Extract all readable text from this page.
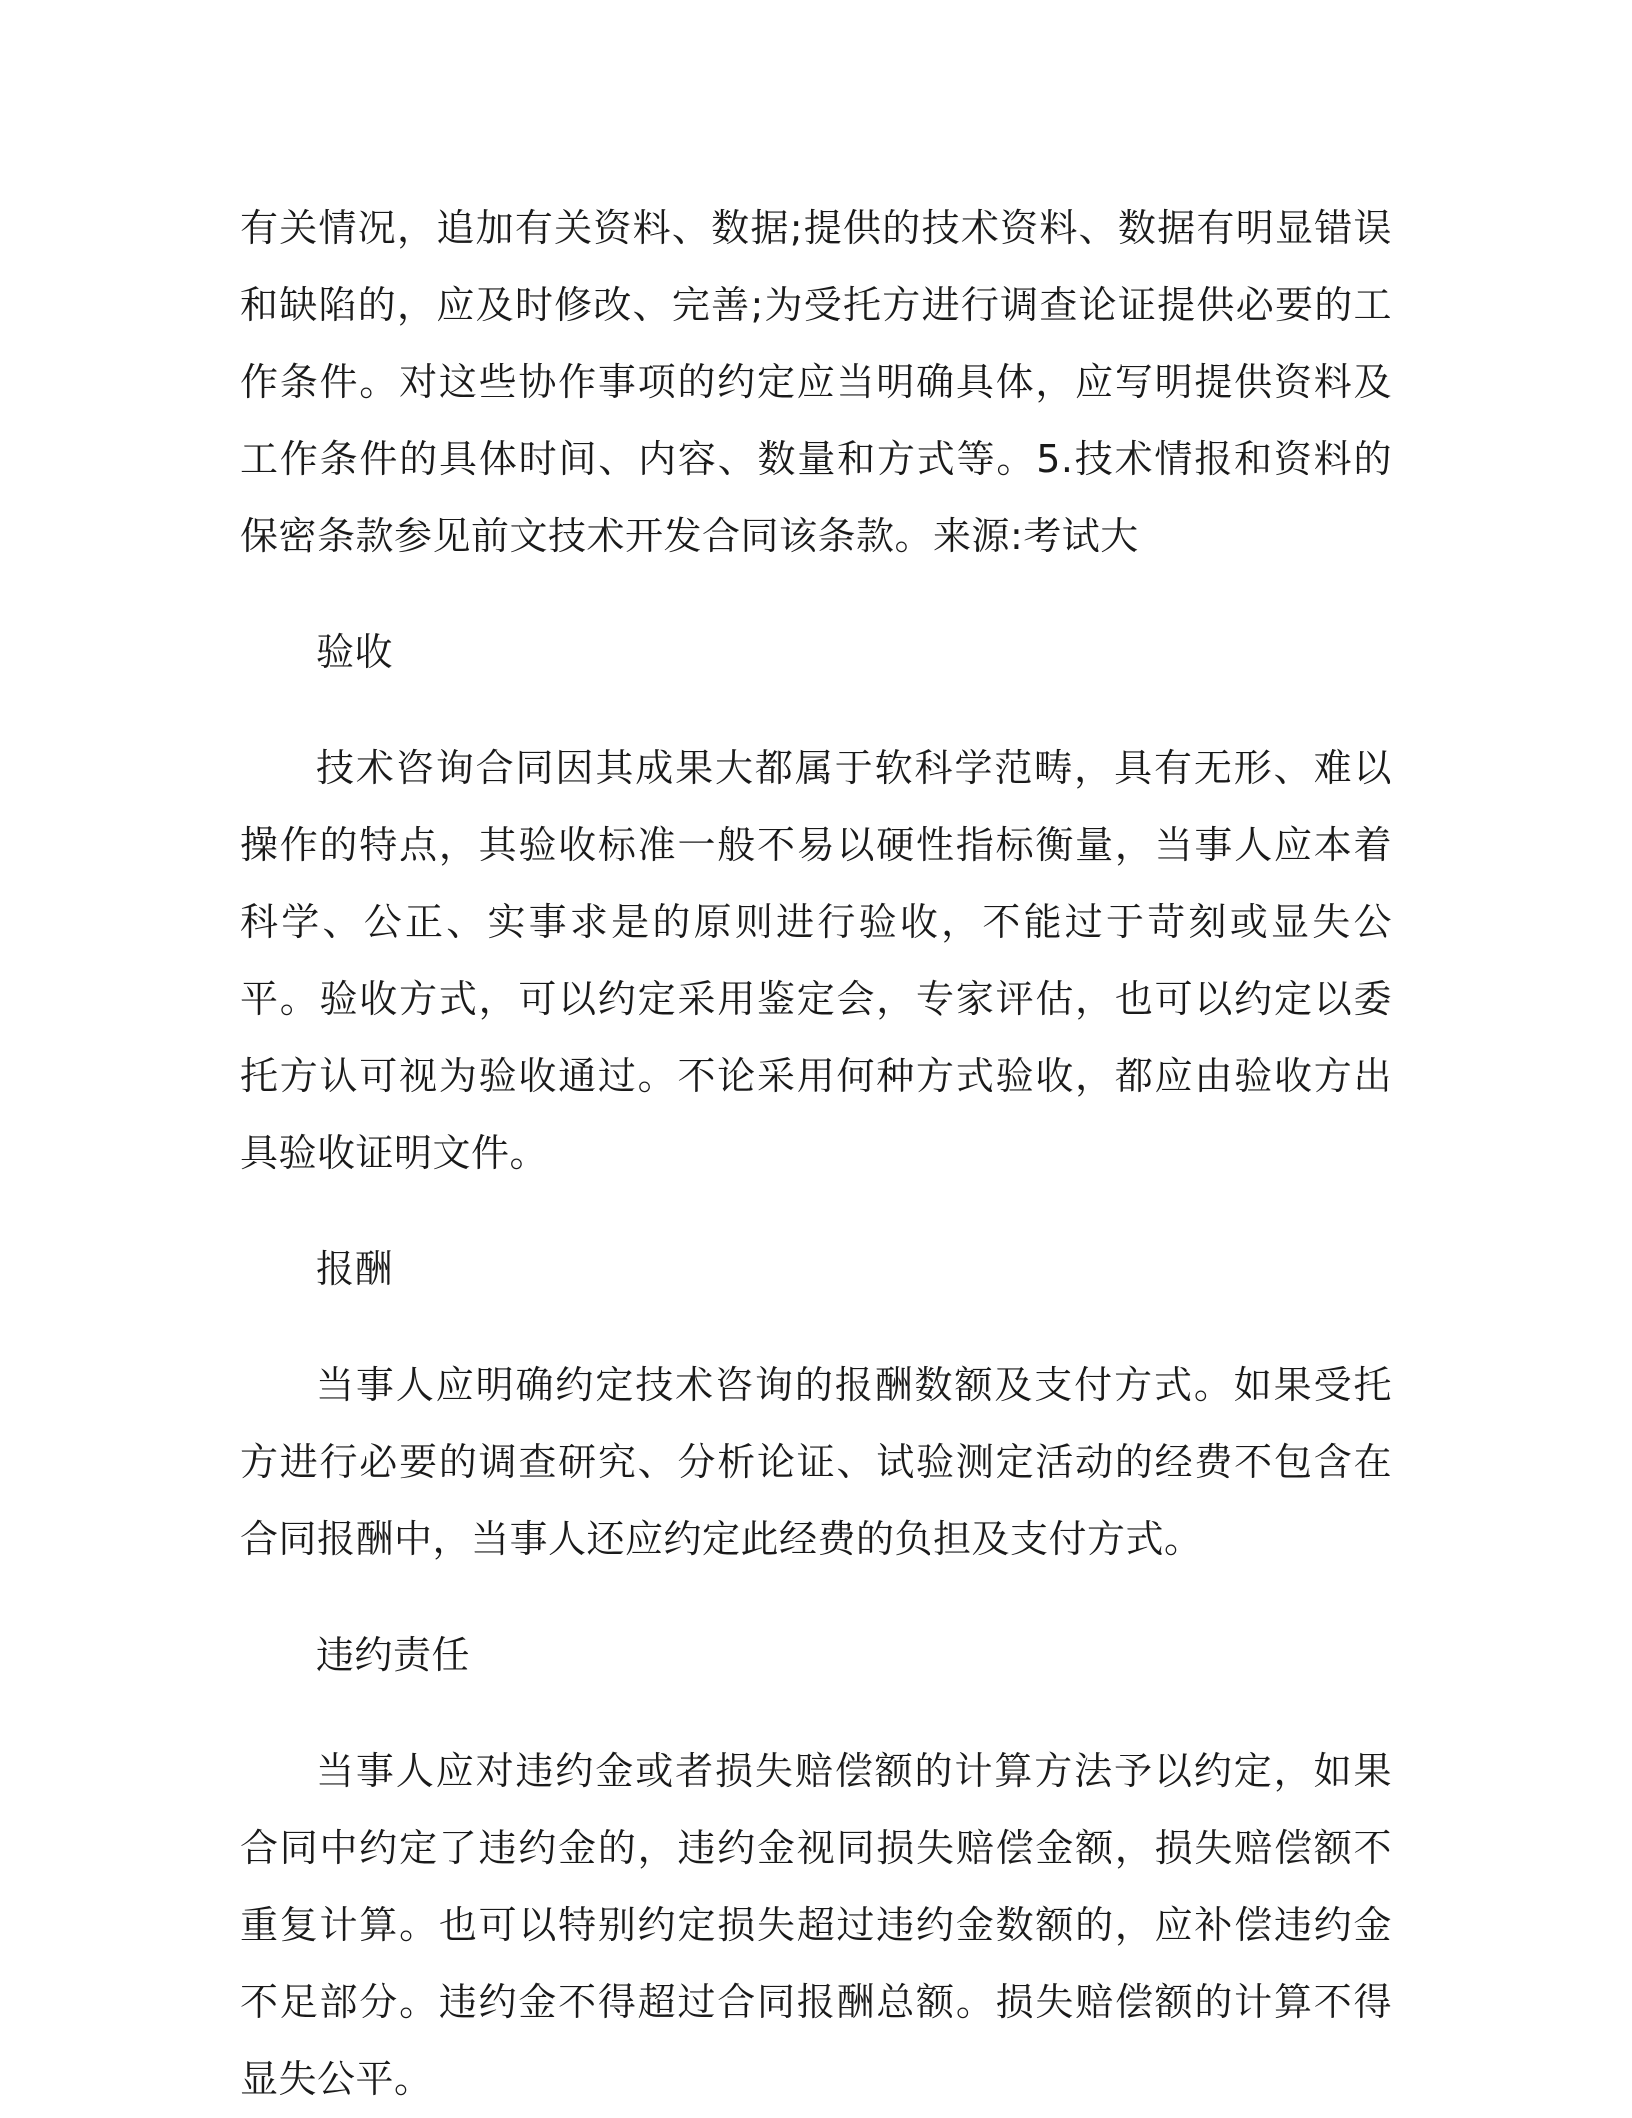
有关情况，追加有关资料、数据;提供的技术资料、数据有明显错误和缺陷的，应及时修改、完善;为受托方进行调查论证提供必要的工作条件。对这些协作事项的约定应当明确具体，应写明提供资料及工作条件的具体时间、内容、数量和方式等。5.技术情报和资料的保密条款参见前文技术开发合同该条款。来源:考试大

验收

技术咨询合同因其成果大都属于软科学范畴，具有无形、难以操作的特点，其验收标准一般不易以硬性指标衡量，当事人应本着科学、公正、实事求是的原则进行验收，不能过于苛刻或显失公平。验收方式，可以约定采用鉴定会，专家评估，也可以约定以委托方认可视为验收通过。不论采用何种方式验收，都应由验收方出具验收证明文件。

报酬

当事人应明确约定技术咨询的报酬数额及支付方式。如果受托方进行必要的调查研究、分析论证、试验测定活动的经费不包含在合同报酬中，当事人还应约定此经费的负担及支付方式。

违约责任

当事人应对违约金或者损失赔偿额的计算方法予以约定，如果合同中约定了违约金的，违约金视同损失赔偿金额，损失赔偿额不重复计算。也可以特别约定损失超过违约金数额的，应补偿违约金不足部分。违约金不得超过合同报酬总额。损失赔偿额的计算不得显失公平。
